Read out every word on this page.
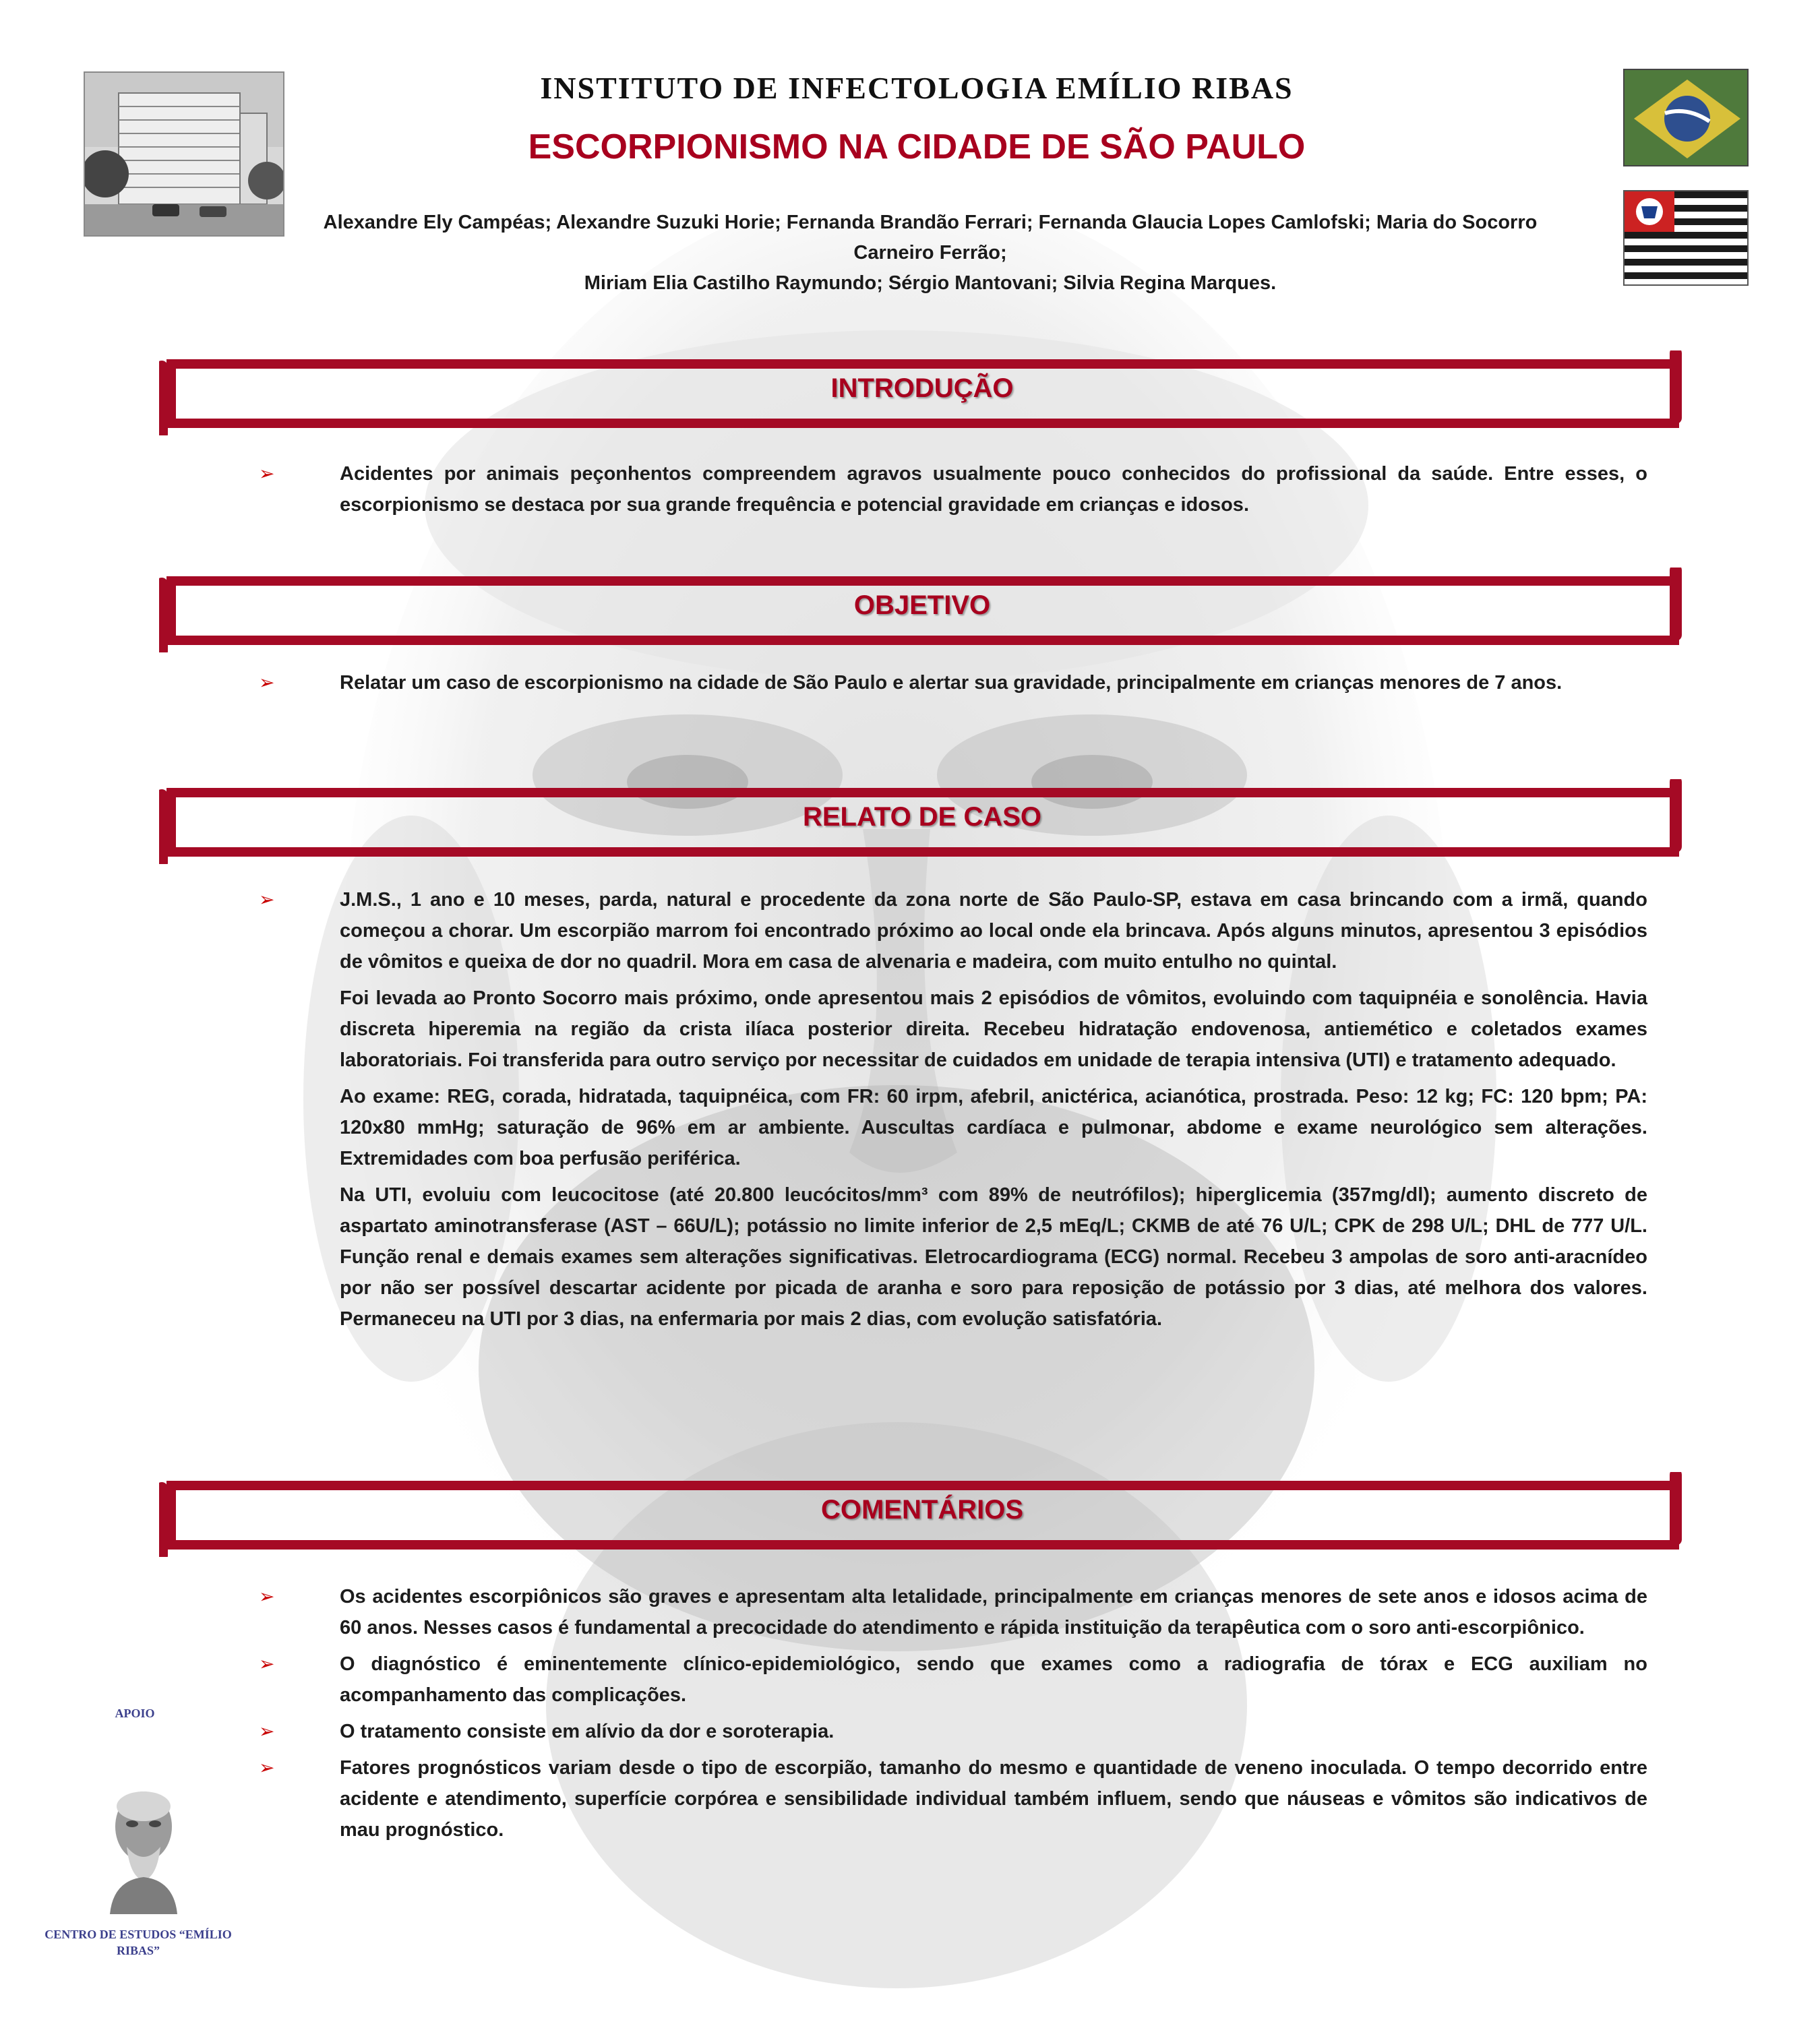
INSTITUTO DE INFECTOLOGIA EMÍLIO RIBAS
ESCORPIONISMO NA CIDADE DE SÃO PAULO
Alexandre Ely Campéas; Alexandre Suzuki Horie; Fernanda Brandão Ferrari; Fernanda Glaucia Lopes Camlofski; Maria do Socorro Carneiro Ferrão;
Miriam Elia Castilho Raymundo; Sérgio Mantovani; Silvia Regina Marques.
INTRODUÇÃO
➢	Acidentes por animais peçonhentos compreendem agravos usualmente pouco conhecidos do profissional da saúde. Entre esses, o escorpionismo se destaca por sua grande frequência e potencial gravidade em crianças e idosos.
OBJETIVO
➢	Relatar um caso de escorpionismo na cidade de São Paulo e alertar sua gravidade, principalmente em crianças menores de 7 anos.
RELATO DE CASO
➢	J.M.S., 1 ano e 10 meses, parda, natural e procedente da zona norte de São Paulo-SP, estava em casa brincando com a irmã, quando começou a chorar. Um escorpião marrom foi encontrado próximo ao local onde ela brincava. Após alguns minutos, apresentou 3 episódios de vômitos e queixa de dor no quadril. Mora em casa de alvenaria e madeira, com muito entulho no quintal.
Foi levada ao Pronto Socorro mais próximo, onde apresentou mais 2 episódios de vômitos, evoluindo com taquipnéia e sonolência. Havia discreta hiperemia na região da crista ilíaca posterior direita. Recebeu hidratação endovenosa, antiemético e coletados exames laboratoriais. Foi transferida para outro serviço por necessitar de cuidados em unidade de terapia intensiva (UTI) e tratamento adequado.
Ao exame: REG, corada, hidratada, taquipnéica, com FR: 60 irpm, afebril, anictérica, acianótica, prostrada. Peso: 12 kg; FC: 120 bpm; PA: 120x80 mmHg; saturação de 96% em ar ambiente. Auscultas cardíaca e pulmonar, abdome e exame neurológico sem alterações. Extremidades com boa perfusão periférica.
Na UTI, evoluiu com leucocitose (até 20.800 leucócitos/mm³ com 89% de neutrófilos); hiperglicemia (357mg/dl); aumento discreto de aspartato aminotransferase (AST – 66U/L); potássio no limite inferior de 2,5 mEq/L; CKMB de até 76 U/L; CPK de 298 U/L; DHL de 777 U/L. Função renal e demais exames sem alterações significativas. Eletrocardiograma (ECG) normal. Recebeu 3 ampolas de soro anti-aracnídeo por não ser possível descartar acidente por picada de aranha e soro para reposição de potássio por 3 dias, até melhora dos valores. Permaneceu na UTI por 3 dias, na enfermaria por mais 2 dias, com evolução satisfatória.
COMENTÁRIOS
➢	Os acidentes escorpiônicos são graves e apresentam alta letalidade, principalmente em crianças menores de sete anos e idosos acima de 60 anos. Nesses casos é fundamental a precocidade do atendimento e rápida instituição da terapêutica com o soro anti-escorpiônico.
➢	O diagnóstico é eminentemente clínico-epidemiológico, sendo que exames como a radiografia de tórax e ECG auxiliam no acompanhamento das complicações.
➢	O tratamento consiste em alívio da dor e soroterapia.
➢	Fatores prognósticos variam desde o tipo de escorpião, tamanho do mesmo e quantidade de veneno inoculada. O tempo decorrido entre acidente e atendimento, superfície corpórea e sensibilidade individual também influem, sendo que náuseas e vômitos são indicativos de mau prognóstico.
APOIO
CENTRO DE ESTUDOS “EMÍLIO RIBAS”
